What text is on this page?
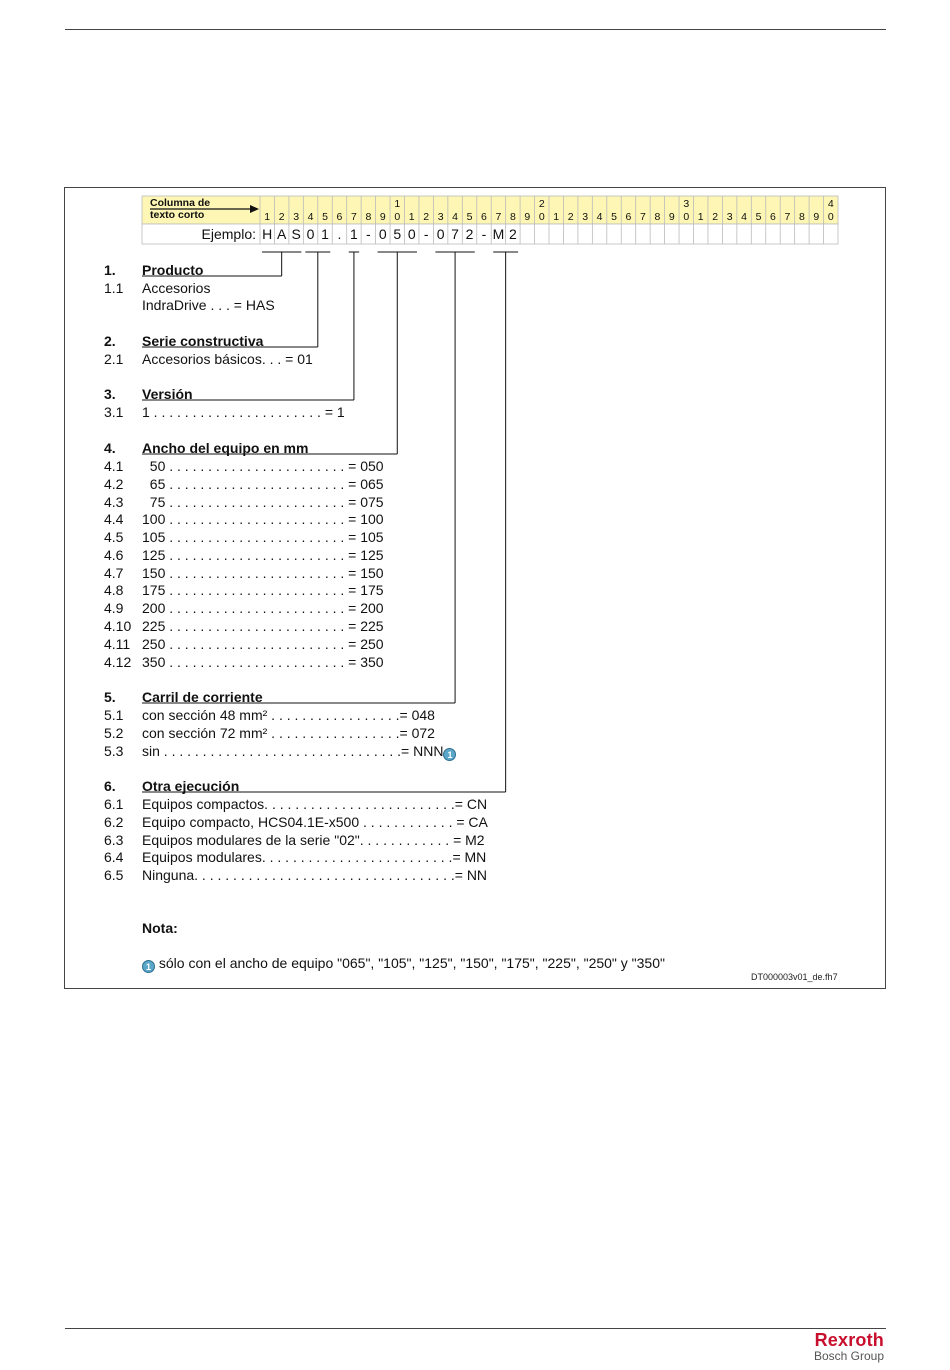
Columna de
texto corto	1 2 3 4 5 6 7 8 9
1
0 1 2 3 4 5 6 7 8 9
2
0 1 2 3 4 5 6 7 8 9
3
0 1 2 3 4 5 6 7 8 9
4
0
Ejemplo: H A S 0 1 . 1 - 0 5 0 - 0 7 2 - M 2
1. Producto
1.1 Accesorios
IndraDrive . . . = HAS
2. Serie constructiva
2.1 Accesorios básicos. . . = 01
3. Versión
3.1 1 . . . . . . . . . . . . . . . . . . . . . . = 1
4. Ancho del equipo en mm
4.1 50 . . . . . . . . . . . . . . . . . . . . . . . = 050
4.2 65 . . . . . . . . . . . . . . . . . . . . . . . = 065
4.3 75 . . . . . . . . . . . . . . . . . . . . . . . = 075
4.4 100 . . . . . . . . . . . . . . . . . . . . . . . = 100
4.5 105 . . . . . . . . . . . . . . . . . . . . . . . = 105
4.6 125 . . . . . . . . . . . . . . . . . . . . . . . = 125
4.7 150 . . . . . . . . . . . . . . . . . . . . . . . = 150
4.8 175 . . . . . . . . . . . . . . . . . . . . . . . = 175
4.9 200 . . . . . . . . . . . . . . . . . . . . . . . = 200
4.10 225 . . . . . . . . . . . . . . . . . . . . . . . = 225
4.11 250 . . . . . . . . . . . . . . . . . . . . . . . = 250
4.12 350 . . . . . . . . . . . . . . . . . . . . . . . = 350
5. Carril de corriente
5.1 con sección 48 mm² . . . . . . . . . . . . . . . . .= 048
5.2 con sección 72 mm² . . . . . . . . . . . . . . . . .= 072
5.3 sin . . . . . . . . . . . . . . . . . . . . . . . . . . . . . . .= NNN 1
6. Otra ejecución
6.1 Equipos compactos. . . . . . . . . . . . . . . . . . . . . . . . .= CN
6.2 Equipo compacto, HCS04.1E-x500 . . . . . . . . . . . . = CA
6.3 Equipos modulares de la serie "02". . . . . . . . . . . . = M2
6.4 Equipos modulares. . . . . . . . . . . . . . . . . . . . . . . . .= MN
6.5 Ninguna. . . . . . . . . . . . . . . . . . . . . . . . . . . . . . . . . .= NN
Nota:

1 sólo con el ancho de equipo "065", "105", "125", "150", "175", "225", "250" y "350"

DT000003v01_de.fh7
Rexroth
Bosch Group
